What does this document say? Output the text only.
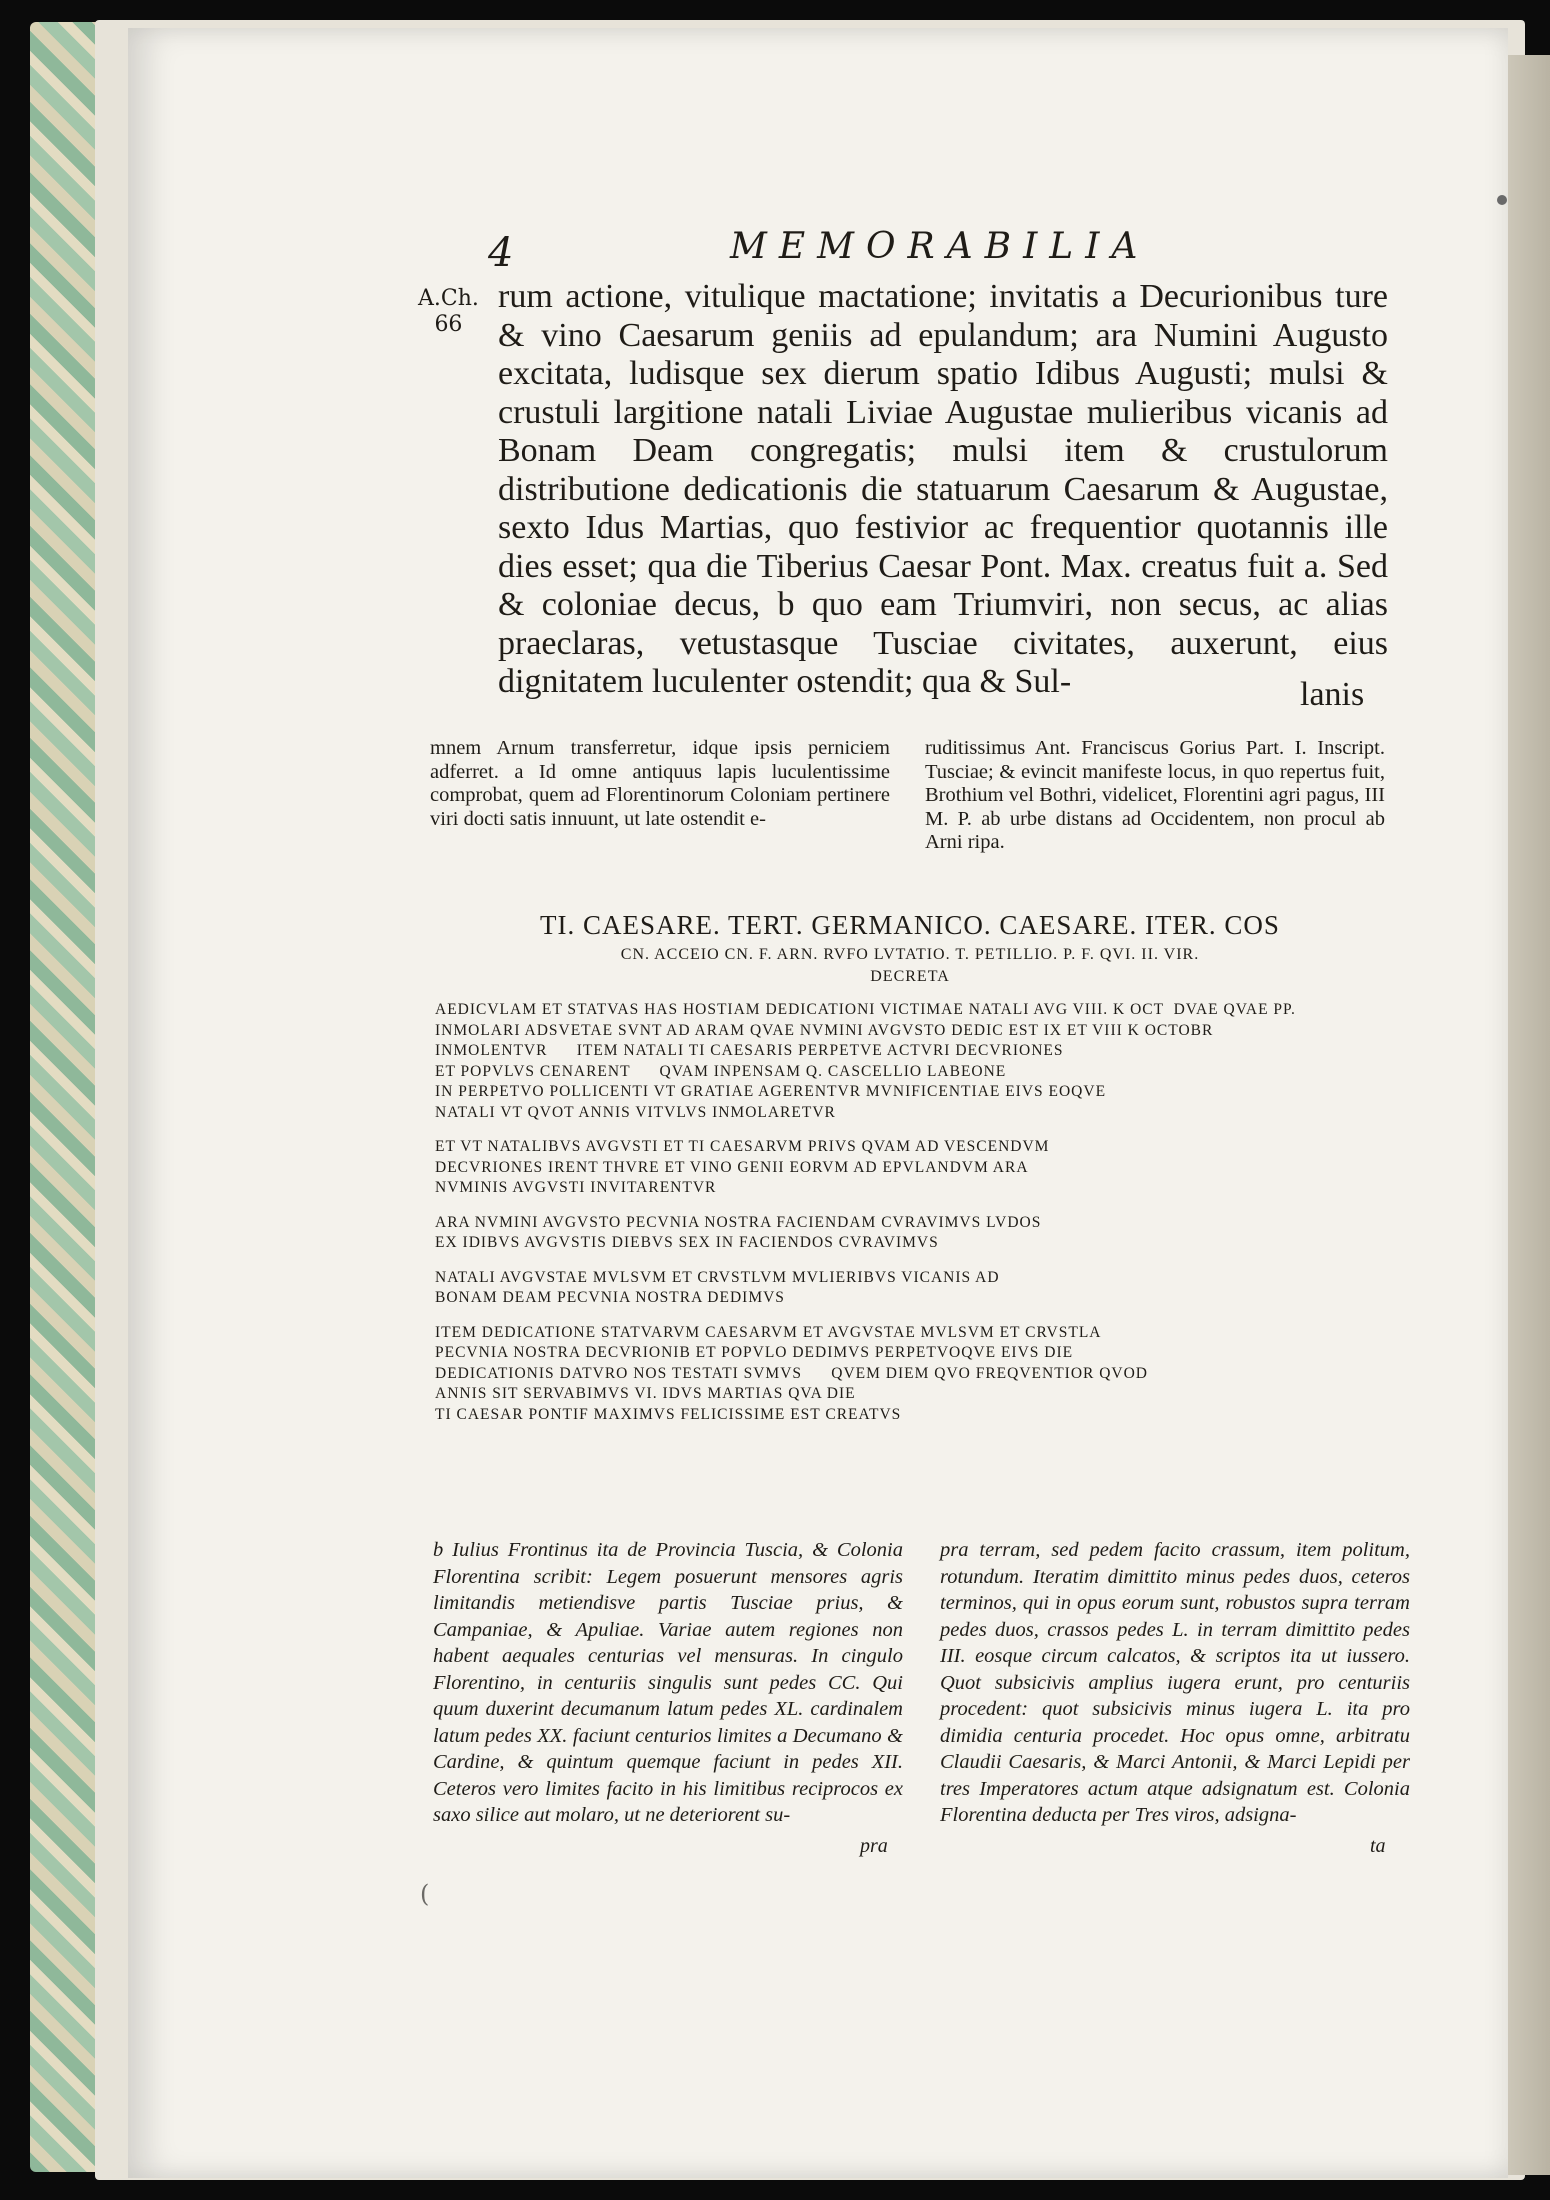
4	MEMORABILIA
A.Ch.
66

rum actione, vitulique mactatione; invitatis a Decurionibus ture & vino Caesarum geniis ad epulandum; ara Numini Augusto excitata, ludisque sex dierum spatio Idibus Augusti; mulsi & crustuli largitione natali Liviae Augustae mulieribus vicanis ad Bonam Deam congregatis; mulsi item & crustulorum distributione dedicationis die statuarum Caesarum & Augustae, sexto Idus Martias, quo festivior ac frequentior quotannis ille dies esset; qua die Tiberius Caesar Pont. Max. creatus fuit a. Sed & coloniae decus, b quo eam Triumviri, non secus, ac alias praeclaras, vetustasque Tusciae civitates, auxerunt, eius dignitatem luculenter ostendit; qua & Sul-	lanis

mnem Arnum transferretur, idque ipsis perniciem adferret. a Id omne antiquus lapis luculentissime comprobat, quem ad Florentinorum Coloniam pertinere viri docti satis innuunt, ut late ostendit e-

ruditissimus Ant. Franciscus Gorius Part. I. Inscript. Tusciae; & evincit manifeste locus, in quo repertus fuit, Brothium vel Bothri, videlicet, Florentini agri pagus, III M. P. ab urbe distans ad Occidentem, non procul ab Arni ripa.

TI. CAESARE. TERT. GERMANICO. CAESARE. ITER. COS
CN. ACCEIO CN. F. ARN. RVFO LVTATIO. T. PETILLIO. P. F. QVI. II. VIR.
DECRETA
AEDICVLAM ET STATVAS HAS HOSTIAM DEDICATIONI VICTIMAE NATALI AVG VIII. K OCT  DVAE QVAE PP.
INMOLARI ADSVETAE SVNT AD ARAM QVAE NVMINI AVGVSTO DEDIC EST IX ET VIII K OCTOBR
INMOLENTVR      ITEM NATALI TI CAESARIS PERPETVE ACTVRI DECVRIONES
ET POPVLVS CENARENT      QVAM INPENSAM Q. CASCELLIO LABEONE
IN PERPETVO POLLICENTI VT GRATIAE AGERENTVR MVNIFICENTIAE EIVS EOQVE
NATALI VT QVOT ANNIS VITVLVS INMOLARETVR
ET VT NATALIBVS AVGVSTI ET TI CAESARVM PRIVS QVAM AD VESCENDVM
DECVRIONES IRENT THVRE ET VINO GENII EORVM AD EPVLANDVM ARA
NVMINIS AVGVSTI INVITARENTVR
ARA NVMINI AVGVSTO PECVNIA NOSTRA FACIENDAM CVRAVIMVS LVDOS
EX IDIBVS AVGVSTIS DIEBVS SEX IN FACIENDOS CVRAVIMVS
NATALI AVGVSTAE MVLSVM ET CRVSTLVM MVLIERIBVS VICANIS AD
BONAM DEAM PECVNIA NOSTRA DEDIMVS
ITEM DEDICATIONE STATVARVM CAESARVM ET AVGVSTAE MVLSVM ET CRVSTLA
PECVNIA NOSTRA DECVRIONIB ET POPVLO DEDIMVS PERPETVOQVE EIVS DIE
DEDICATIONIS DATVRO NOS TESTATI SVMVS      QVEM DIEM QVO FREQVENTIOR QVOD
ANNIS SIT SERVABIMVS VI. IDVS MARTIAS QVA DIE
TI CAESAR PONTIF MAXIMVS FELICISSIME EST CREATVS

b Iulius Frontinus ita de Provincia Tuscia, & Colonia Florentina scribit: Legem posuerunt mensores agris limitandis metiendisve partis Tusciae prius, & Campaniae, & Apuliae. Variae autem regiones non habent aequales centurias vel mensuras. In cingulo Florentino, in centuriis singulis sunt pedes CC. Qui quum duxerint decumanum latum pedes XL. cardinalem latum pedes XX. faciunt centurios limites a Decumano & Cardine, & quintum quemque faciunt in pedes XII. Ceteros vero limites facito in his limitibus reciprocos ex saxo silice aut molaro, ut ne deteriorent su-

pra terram, sed pedem facito crassum, item politum, rotundum. Iteratim dimittito minus pedes duos, ceteros terminos, qui in opus eorum sunt, robustos supra terram pedes duos, crassos pedes L. in terram dimittito pedes III. eosque circum calcatos, & scriptos ita ut iussero. Quot subsicivis amplius iugera erunt, pro centuriis procedent: quot subsicivis minus iugera L. ita pro dimidia centuria procedet. Hoc opus omne, arbitratu Claudii Caesaris, & Marci Antonii, & Marci Lepidi per tres Imperatores actum atque adsignatum est. Colonia Florentina deducta per Tres viros, adsigna-

pra	ta
(
